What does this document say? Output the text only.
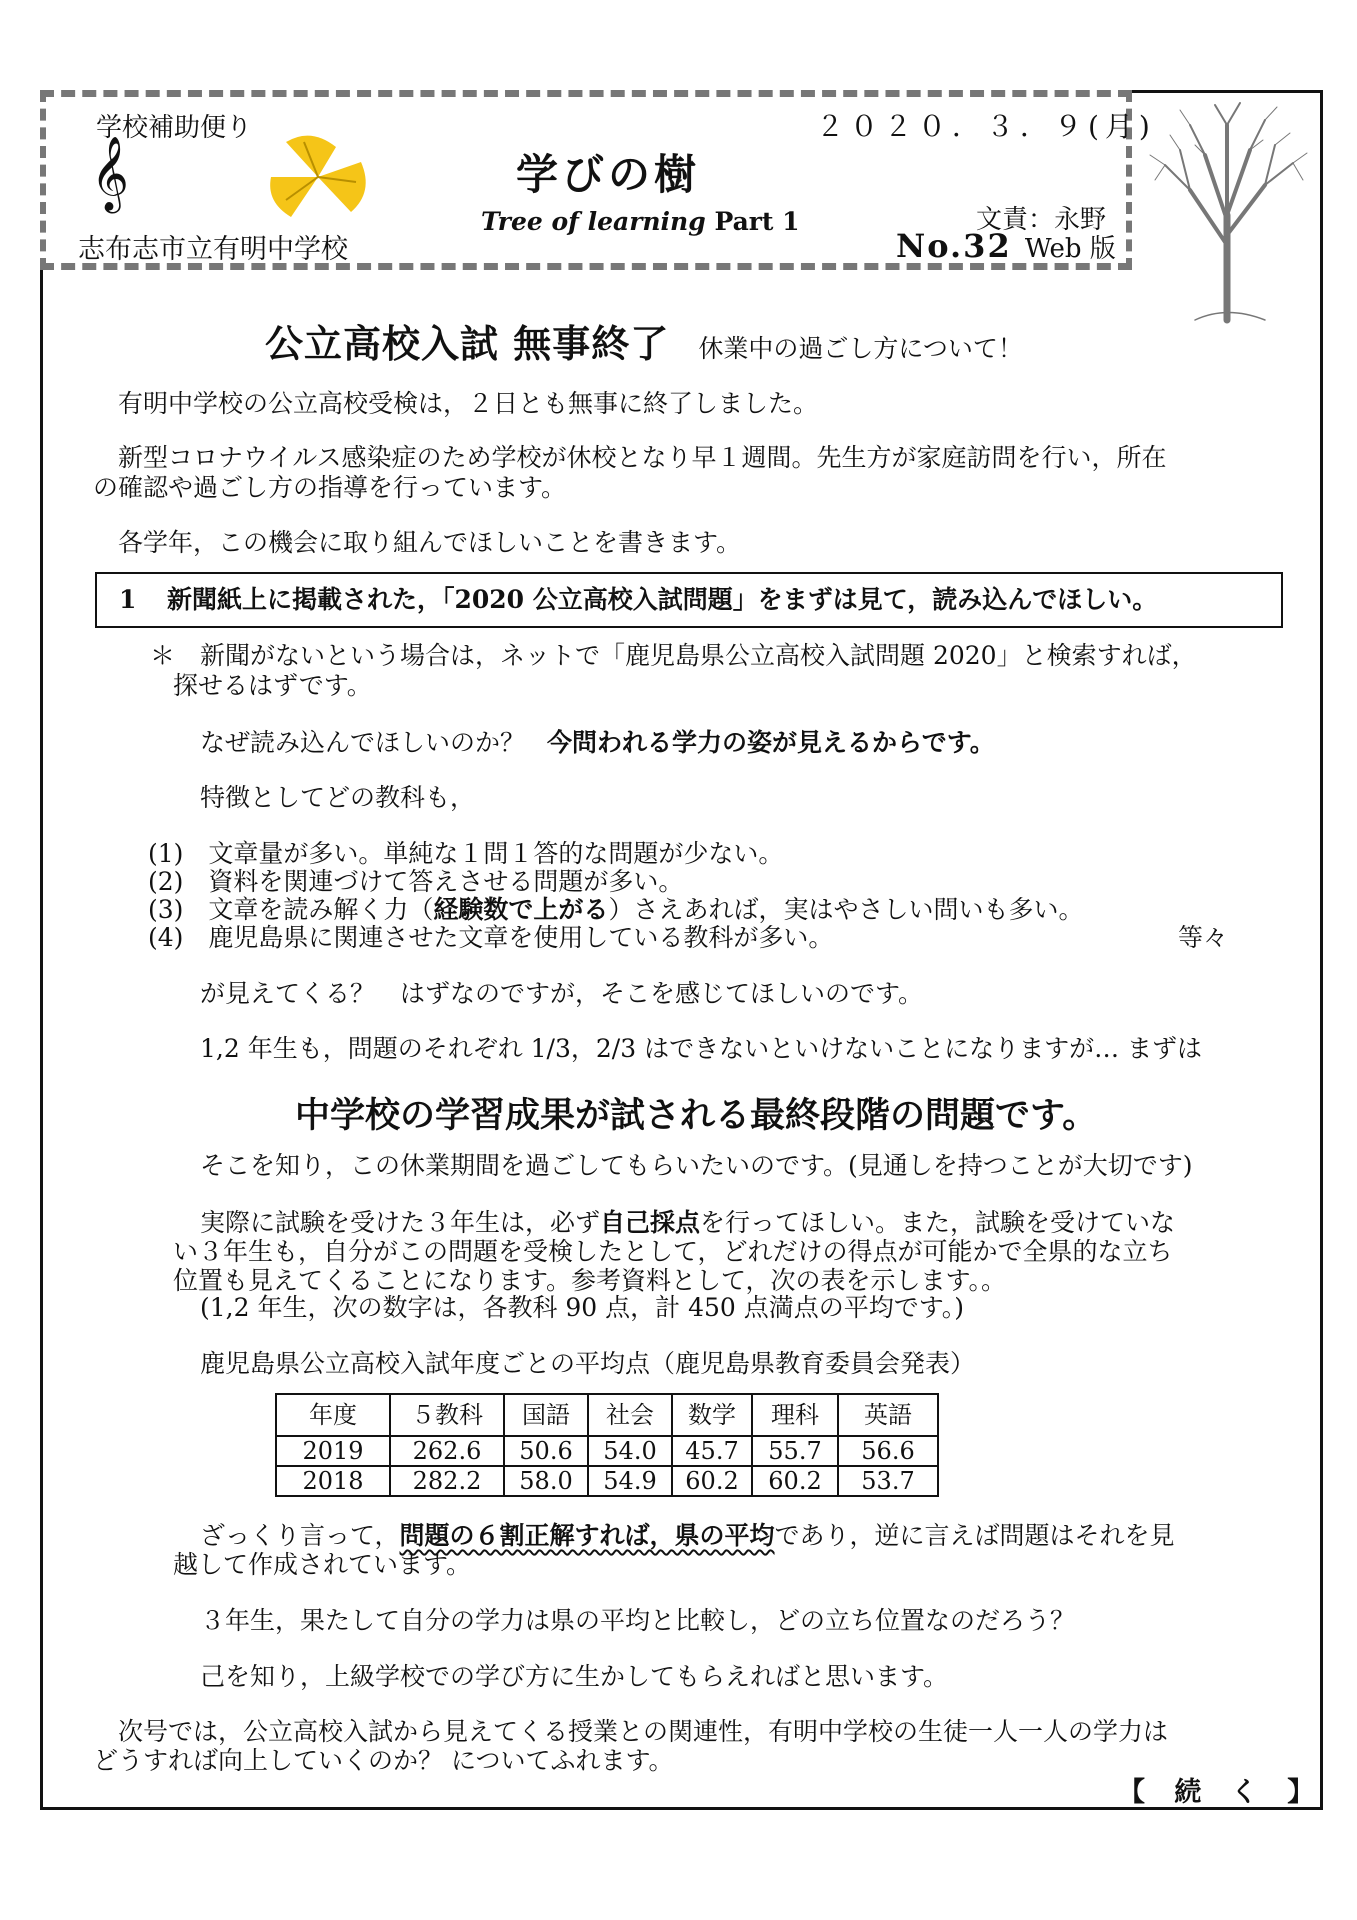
学校補助便り
𝄞
志布志市立有明中学校
学びの樹
Tree of learning Part 1
２０２０．３．９(月)
文責：永野
No.32 Web 版
公立高校入試 無事終了 休業中の過ごし方について！
有明中学校の公立高校受検は，２日とも無事に終了しました。
新型コロナウイルス感染症のため学校が休校となり早１週間。先生方が家庭訪問を行い，所在
の確認や過ごし方の指導を行っています。
各学年，この機会に取り組んでほしいことを書きます。
1 新聞紙上に掲載された，「2020 公立高校入試問題」をまずは見て，読み込んでほしい。
＊　新聞がないという場合は，ネットで「鹿児島県公立高校入試問題 2020」と検索すれば，
探せるはずです。
なぜ読み込んでほしいのか？ 今問われる学力の姿が見えるからです。
特徴としてどの教科も，
(1)　文章量が多い。単純な１問１答的な問題が少ない。
(2)　資料を関連づけて答えさせる問題が多い。
(3)　文章を読み解く力（経験数で上がる）さえあれば，実はやさしい問いも多い。
(4)　鹿児島県に関連させた文章を使用している教科が多い。	等々
が見えてくる？　はずなのですが，そこを感じてほしいのです。
1,2 年生も，問題のそれぞれ 1/3，2/3 はできないといけないことになりますが… まずは
中学校の学習成果が試される最終段階の問題です。
そこを知り，この休業期間を過ごしてもらいたいのです。(見通しを持つことが大切です)
実際に試験を受けた３年生は，必ず自己採点を行ってほしい。また，試験を受けていな
い３年生も，自分がこの問題を受検したとして，どれだけの得点が可能かで全県的な立ち
位置も見えてくることになります。参考資料として，次の表を示します。。
(1,2 年生，次の数字は，各教科 90 点，計 450 点満点の平均です。)
鹿児島県公立高校入試年度ごとの平均点（鹿児島県教育委員会発表）
年度	５教科	国語	社会	数学	理科	英語
2019	262.6	50.6	54.0	45.7	55.7	56.6
2018	282.2	58.0	54.9	60.2	60.2	53.7
ざっくり言って，問題の６割正解すれば，県の平均であり，逆に言えば問題はそれを見
越して作成されています。
３年生，果たして自分の学力は県の平均と比較し，どの立ち位置なのだろう？
己を知り，上級学校での学び方に生かしてもらえればと思います。
次号では，公立高校入試から見えてくる授業との関連性，有明中学校の生徒一人一人の学力は
どうすれば向上していくのか？ についてふれます。
【 続 く 】
